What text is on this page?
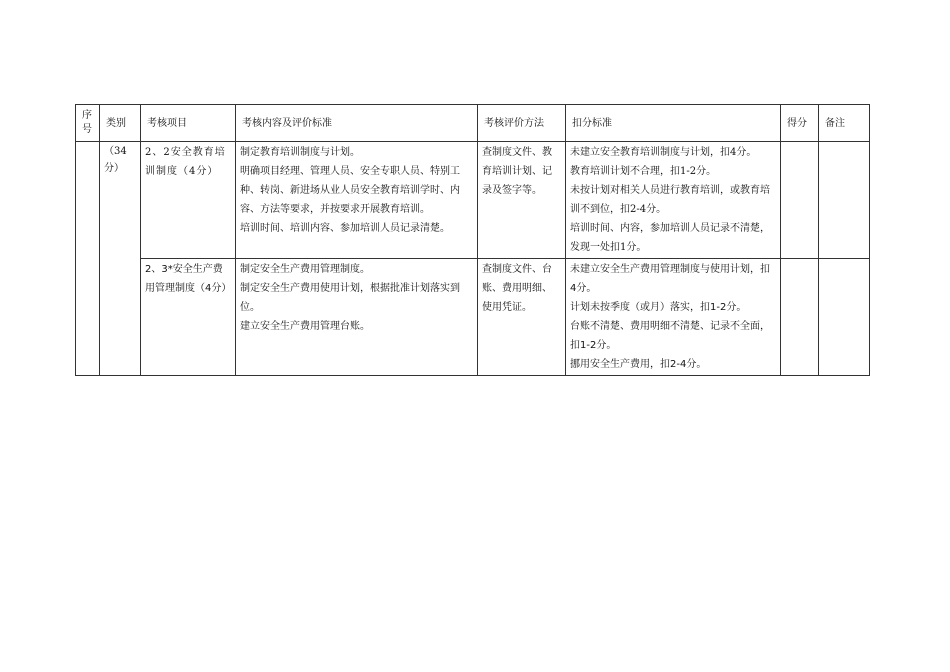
序
号	类别	考核项目	考核内容及评价标准	考核评价方法	扣分标准	得分	备注

	（34
分）	2、2安全教育培训制度（4分）	制定教育培训制度与计划。
明确项目经理、管理人员、安全专职人员、特别工种、转岗、新进场从业人员安全教育培训学时、内容、方法等要求，并按要求开展教育培训。
培训时间、培训内容、参加培训人员记录清楚。	查制度文件、教育培训计划、记录及签字等。	未建立安全教育培训制度与计划，扣4分。
教育培训计划不合理，扣1-2分。
未按计划对相关人员进行教育培训，或教育培训不到位，扣2-4分。
培训时间、内容，参加培训人员记录不清楚，发现一处扣1分。		

		2、3*安全生产费用管理制度（4分）	制定安全生产费用管理制度。
制定安全生产费用使用计划，根据批准计划落实到位。
建立安全生产费用管理台账。	查制度文件、台账、费用明细、使用凭证。	未建立安全生产费用管理制度与使用计划，扣4分。
计划未按季度（或月）落实，扣1-2分。
台账不清楚、费用明细不清楚、记录不全面，扣1-2分。
挪用安全生产费用，扣2-4分。		
